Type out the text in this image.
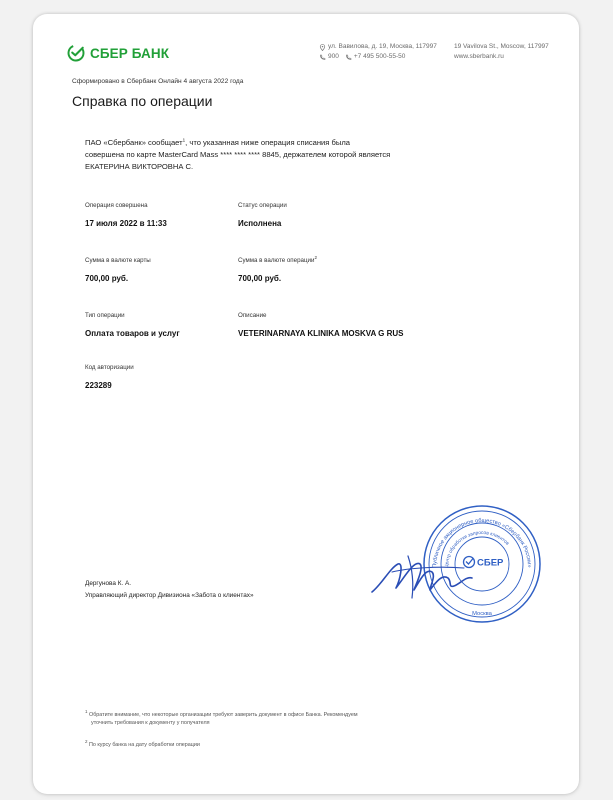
СБЕР БАНК	ул. Вавилова, д. 19, Москва, 117997
900 +7 495 500-55-50
19 Vavilova St., Moscow, 117997
www.sberbank.ru
Сформировано в Сбербанк Онлайн 4 августа 2022 года
Справка по операции
ПАО «Сбербанк» сообщает$^1$, что указанная ниже операция списания была
совершена по карте MasterCard Mass **** **** **** 8845, держателем которой является
ЕКАТЕРИНА ВИКТОРОВНА С.
Операция совершена
17 июля 2022 в 11:33
Статус операции
Исполнена
Сумма в валюте карты
700,00 руб.
Сумма в валюте операции$^2$
700,00 руб.
Тип операции
Оплата товаров и услуг
Описание
VETERINARNAYA KLINIKA MOSKVA G RUS
Код авторизации
223289
Дергунова К. А.
Управляющий директор Дивизиона «Забота о клиентах»
Публичное акционерное общество «Сбербанк России»
Центр обработки запросов клиентов
СБЕР
Москва
$^1$ Обратите внимание, что некоторые организации требуют заверить документ в офисе Банка. Рекомендуем
уточнить требования к документу у получателя
$^2$ По курсу банка на дату обработки операции
